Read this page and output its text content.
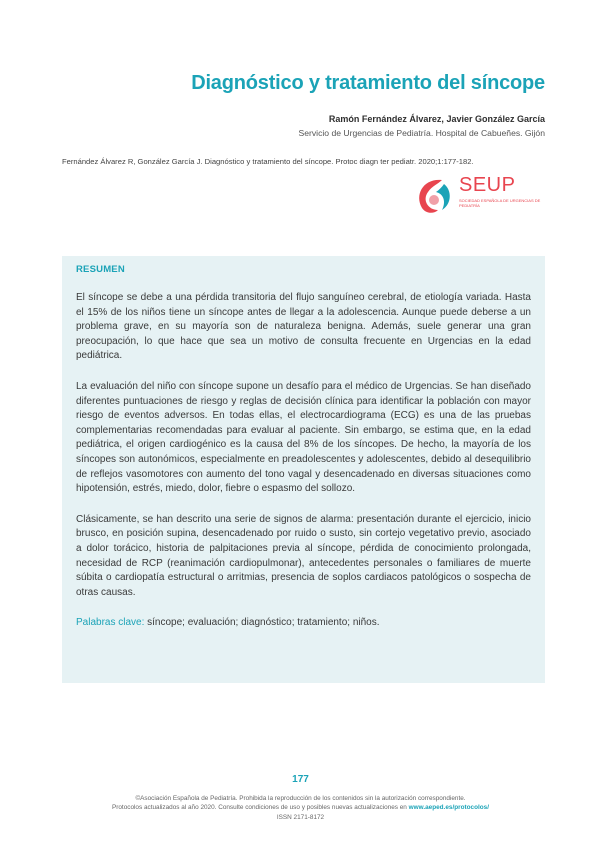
Diagnóstico y tratamiento del síncope
Ramón Fernández Álvarez, Javier González García
Servicio de Urgencias de Pediatría. Hospital de Cabueñes. Gijón
Fernández Álvarez R, González García J. Diagnóstico y tratamiento del síncope. Protoc diagn ter pediatr. 2020;1:177-182.
SEUP
SOCIEDAD ESPAÑOLA DE URGENCIAS DE PEDIATRÍA
RESUMEN

El síncope se debe a una pérdida transitoria del flujo sanguíneo cerebral, de etiología variada. Hasta el 15% de los niños tiene un síncope antes de llegar a la adolescencia. Aunque puede deberse a un problema grave, en su mayoría son de naturaleza benigna. Además, suele generar una gran preocupación, lo que hace que sea un motivo de consulta frecuente en Urgencias en la edad pediátrica.

La evaluación del niño con síncope supone un desafío para el médico de Urgencias. Se han diseñado diferentes puntuaciones de riesgo y reglas de decisión clínica para identificar la población con mayor riesgo de eventos adversos. En todas ellas, el electrocardiograma (ECG) es una de las pruebas complementarias recomendadas para evaluar al paciente. Sin embargo, se estima que, en la edad pediátrica, el origen cardiogénico es la causa del 8% de los síncopes. De hecho, la mayoría de los síncopes son autonómicos, especialmente en preadolescentes y adolescentes, debido al desequilibrio de reflejos vasomotores con aumento del tono vagal y desencadenado en diversas situaciones como hipotensión, estrés, miedo, dolor, fiebre o espasmo del sollozo.

Clásicamente, se han descrito una serie de signos de alarma: presentación durante el ejercicio, inicio brusco, en posición supina, desencadenado por ruido o susto, sin cortejo vegetativo previo, asociado a dolor torácico, historia de palpitaciones previa al síncope, pérdida de conocimiento prolongada, necesidad de RCP (reanimación cardiopulmonar), antecedentes personales o familiares de muerte súbita o cardiopatía estructural o arritmias, presencia de soplos cardiacos patológicos o sospecha de otras causas.

Palabras clave: síncope; evaluación; diagnóstico; tratamiento; niños.

177
©Asociación Española de Pediatría. Prohibida la reproducción de los contenidos sin la autorización correspondiente.
Protocolos actualizados al año 2020. Consulte condiciones de uso y posibles nuevas actualizaciones en www.aeped.es/protocolos/
ISSN 2171-8172
